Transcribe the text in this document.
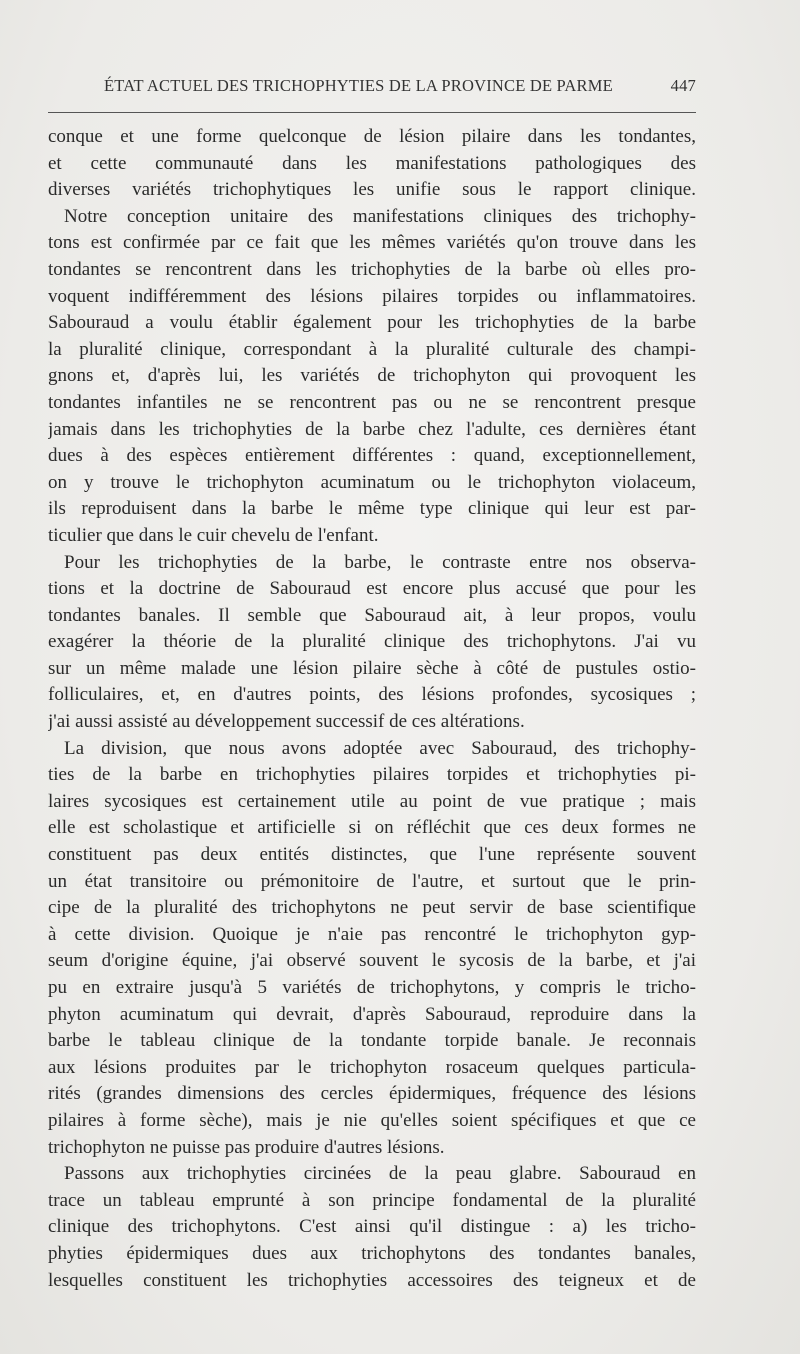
ÉTAT ACTUEL DES TRICHOPHYTIES DE LA PROVINCE DE PARME	447
conque et une forme quelconque de lésion pilaire dans les tondantes,
et cette communauté dans les manifestations pathologiques des
diverses variétés trichophytiques les unifie sous le rapport clinique.
Notre conception unitaire des manifestations cliniques des trichophy-
tons est confirmée par ce fait que les mêmes variétés qu'on trouve dans les
tondantes se rencontrent dans les trichophyties de la barbe où elles pro-
voquent indifféremment des lésions pilaires torpides ou inflammatoires.
Sabouraud a voulu établir également pour les trichophyties de la barbe
la pluralité clinique, correspondant à la pluralité culturale des champi-
gnons et, d'après lui, les variétés de trichophyton qui provoquent les
tondantes infantiles ne se rencontrent pas ou ne se rencontrent presque
jamais dans les trichophyties de la barbe chez l'adulte, ces dernières étant
dues à des espèces entièrement différentes : quand, exceptionnellement,
on y trouve le trichophyton acuminatum ou le trichophyton violaceum,
ils reproduisent dans la barbe le même type clinique qui leur est par-
ticulier que dans le cuir chevelu de l'enfant.
Pour les trichophyties de la barbe, le contraste entre nos observa-
tions et la doctrine de Sabouraud est encore plus accusé que pour les
tondantes banales. Il semble que Sabouraud ait, à leur propos, voulu
exagérer la théorie de la pluralité clinique des trichophytons. J'ai vu
sur un même malade une lésion pilaire sèche à côté de pustules ostio-
folliculaires, et, en d'autres points, des lésions profondes, sycosiques ;
j'ai aussi assisté au développement successif de ces altérations.
La division, que nous avons adoptée avec Sabouraud, des trichophy-
ties de la barbe en trichophyties pilaires torpides et trichophyties pi-
laires sycosiques est certainement utile au point de vue pratique ; mais
elle est scholastique et artificielle si on réfléchit que ces deux formes ne
constituent pas deux entités distinctes, que l'une représente souvent
un état transitoire ou prémonitoire de l'autre, et surtout que le prin-
cipe de la pluralité des trichophytons ne peut servir de base scientifique
à cette division. Quoique je n'aie pas rencontré le trichophyton gyp-
seum d'origine équine, j'ai observé souvent le sycosis de la barbe, et j'ai
pu en extraire jusqu'à 5 variétés de trichophytons, y compris le tricho-
phyton acuminatum qui devrait, d'après Sabouraud, reproduire dans la
barbe le tableau clinique de la tondante torpide banale. Je reconnais
aux lésions produites par le trichophyton rosaceum quelques particula-
rités (grandes dimensions des cercles épidermiques, fréquence des lésions
pilaires à forme sèche), mais je nie qu'elles soient spécifiques et que ce
trichophyton ne puisse pas produire d'autres lésions.
Passons aux trichophyties circinées de la peau glabre. Sabouraud en
trace un tableau emprunté à son principe fondamental de la pluralité
clinique des trichophytons. C'est ainsi qu'il distingue : a) les tricho-
phyties épidermiques dues aux trichophytons des tondantes banales,
lesquelles constituent les trichophyties accessoires des teigneux et de
